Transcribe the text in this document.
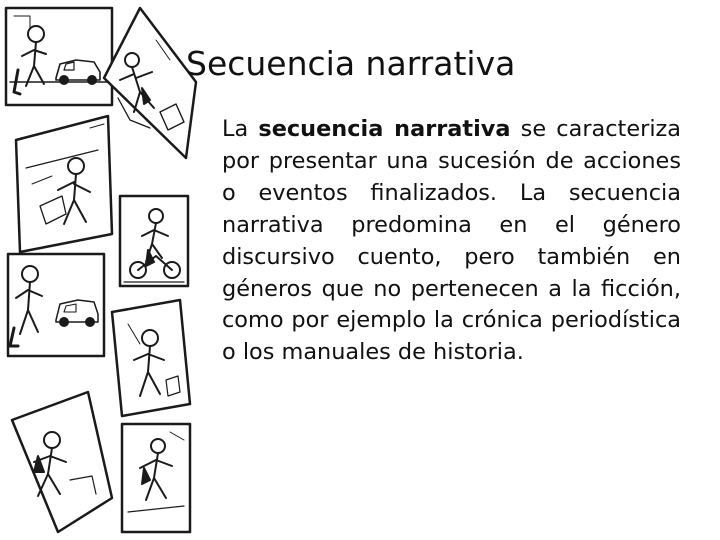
Secuencia narrativa

La secuencia narrativa se caracteriza por presentar una sucesión de acciones o eventos finalizados. La secuencia narrativa predomina en el género discursivo cuento, pero también en géneros que no pertenecen a la ficción, como por ejemplo la crónica periodística o los manuales de historia.
